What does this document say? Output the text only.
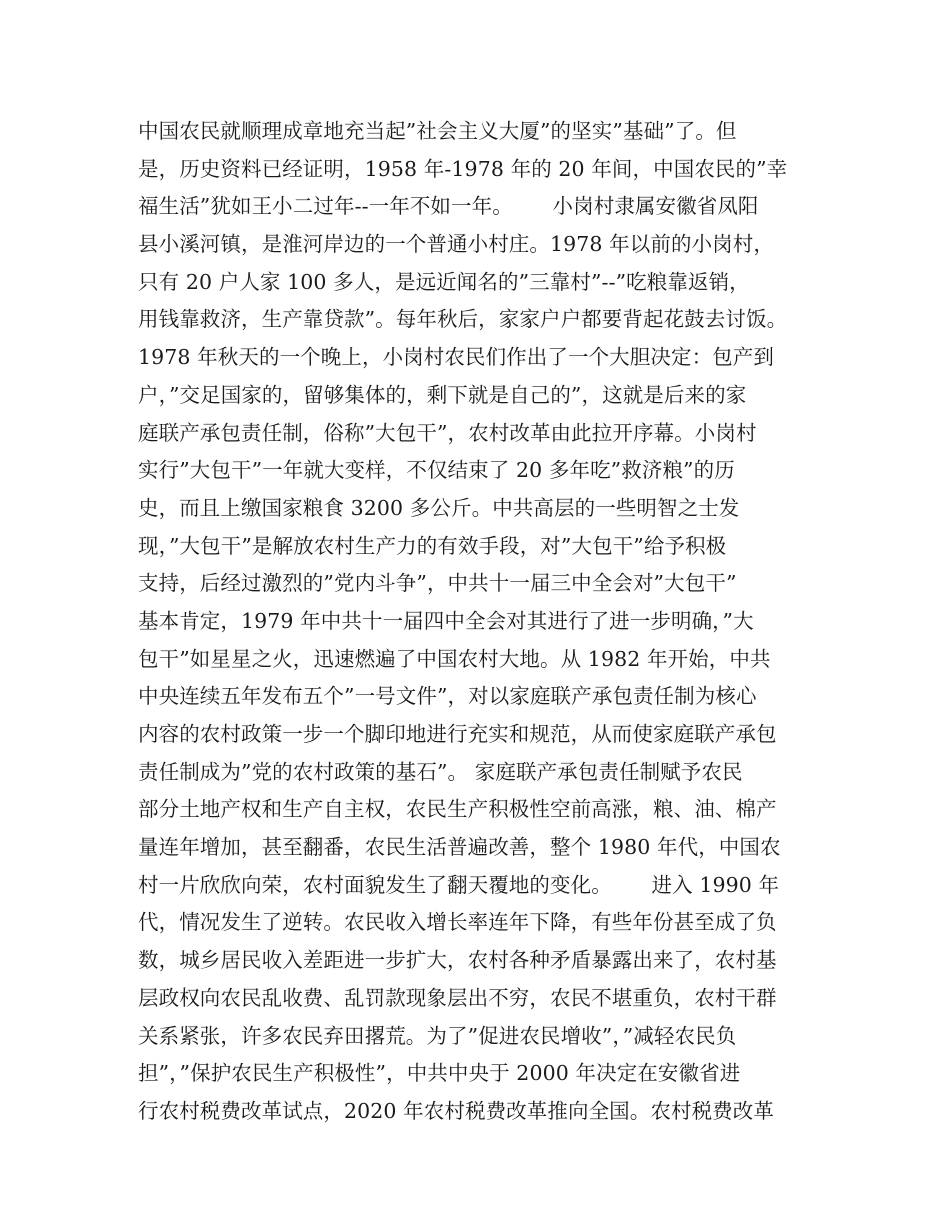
中国农民就顺理成章地充当起”社会主义大厦”的坚实”基础”了。但
是，历史资料已经证明，1958 年-1978 年的 20 年间，中国农民的”幸
福生活”犹如王小二过年--一年不如一年。      小岗村隶属安徽省凤阳
县小溪河镇，是淮河岸边的一个普通小村庄。1978 年以前的小岗村，
只有 20 户人家 100 多人，是远近闻名的”三靠村”--”吃粮靠返销，
用钱靠救济，生产靠贷款”。每年秋后，家家户户都要背起花鼓去讨饭。
1978 年秋天的一个晚上，小岗村农民们作出了一个大胆决定：包产到
户，”交足国家的，留够集体的，剩下就是自己的”，这就是后来的家
庭联产承包责任制，俗称”大包干”，农村改革由此拉开序幕。小岗村
实行”大包干”一年就大变样，不仅结束了 20 多年吃”救济粮”的历
史，而且上缴国家粮食 3200 多公斤。中共高层的一些明智之士发
现，”大包干”是解放农村生产力的有效手段，对”大包干”给予积极
支持，后经过激烈的”党内斗争”，中共十一届三中全会对”大包干”
基本肯定，1979 年中共十一届四中全会对其进行了进一步明确，”大
包干”如星星之火，迅速燃遍了中国农村大地。从 1982 年开始，中共
中央连续五年发布五个”一号文件”，对以家庭联产承包责任制为核心
内容的农村政策一步一个脚印地进行充实和规范，从而使家庭联产承包
责任制成为”党的农村政策的基石”。 家庭联产承包责任制赋予农民
部分土地产权和生产自主权，农民生产积极性空前高涨，粮、油、棉产
量连年增加，甚至翻番，农民生活普遍改善，整个 1980 年代，中国农
村一片欣欣向荣，农村面貌发生了翻天覆地的变化。      进入 1990 年
代，情况发生了逆转。农民收入增长率连年下降，有些年份甚至成了负
数，城乡居民收入差距进一步扩大，农村各种矛盾暴露出来了，农村基
层政权向农民乱收费、乱罚款现象层出不穷，农民不堪重负，农村干群
关系紧张，许多农民弃田撂荒。为了”促进农民增收”，”减轻农民负
担”，”保护农民生产积极性”，中共中央于 2000 年决定在安徽省进
行农村税费改革试点，2020 年农村税费改革推向全国。农村税费改革
